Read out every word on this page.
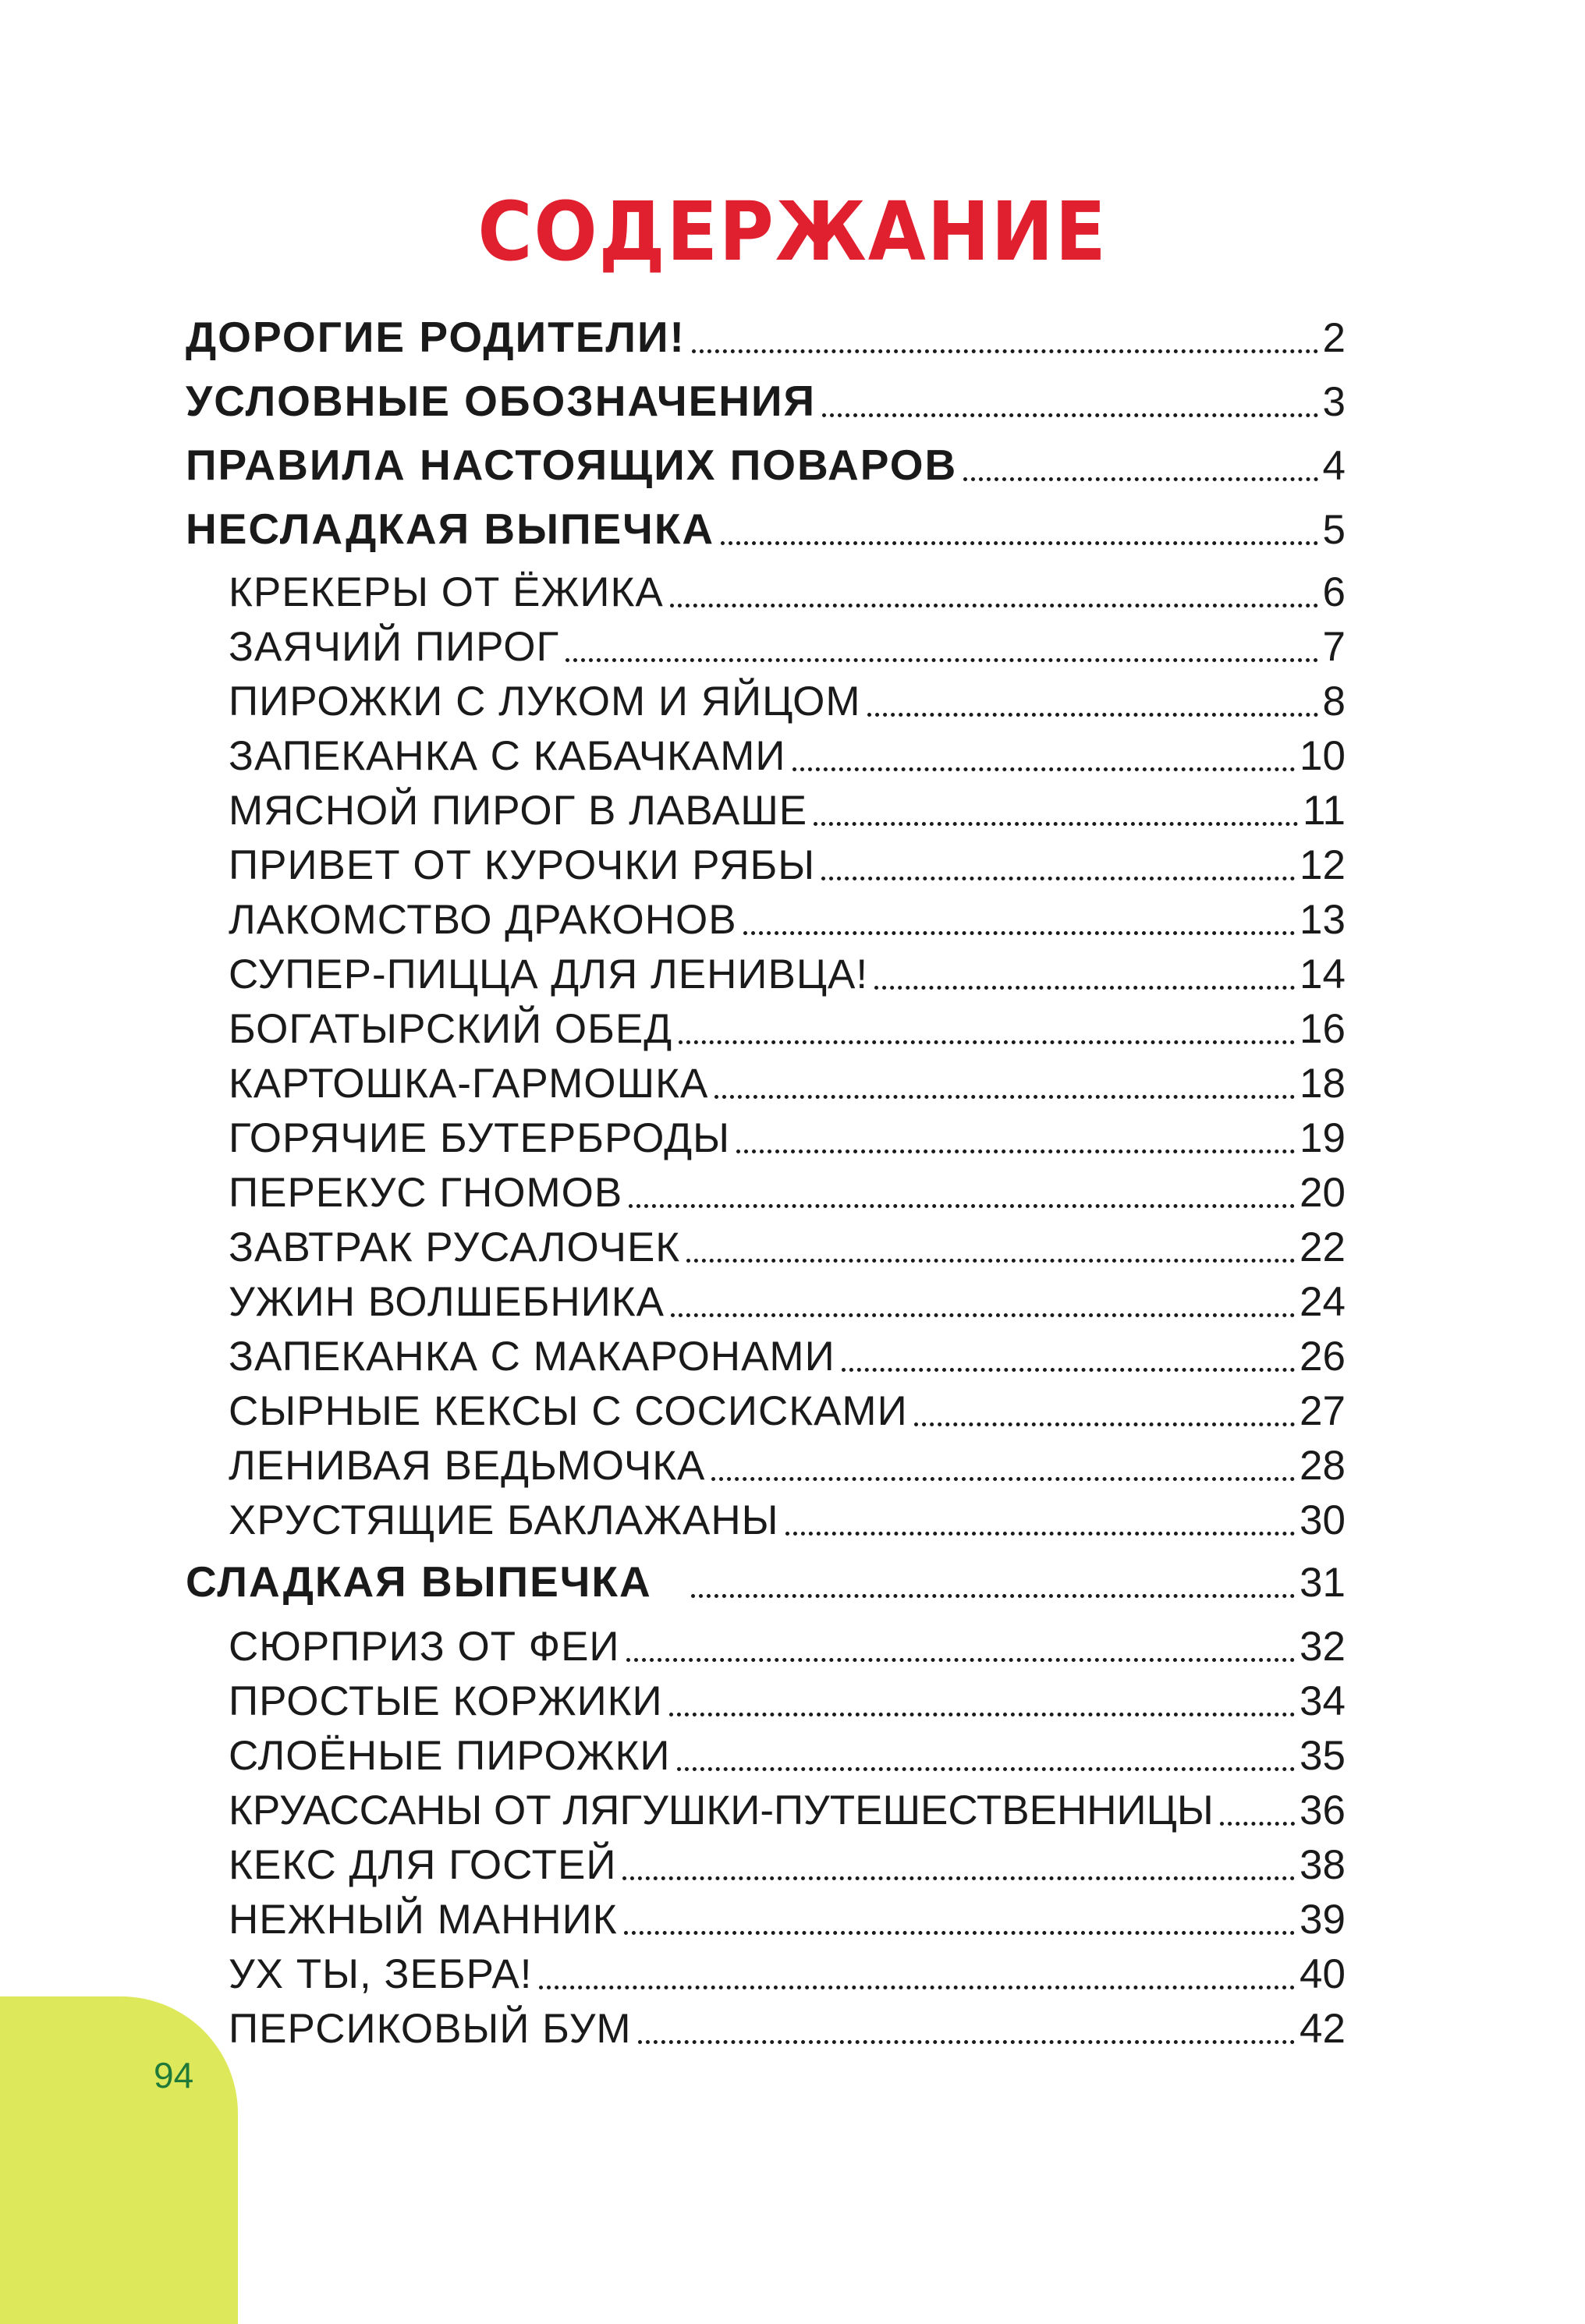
94
СОДЕРЖАНИЕ
ДОРОГИЕ РОДИТЕЛИ!	2
УСЛОВНЫЕ ОБОЗНАЧЕНИЯ	3
ПРАВИЛА НАСТОЯЩИХ ПОВАРОВ	4
НЕСЛАДКАЯ ВЫПЕЧКА	5
КРЕКЕРЫ ОТ ЁЖИКА	6
ЗАЯЧИЙ ПИРОГ	7
ПИРОЖКИ С ЛУКОМ И ЯЙЦОМ	8
ЗАПЕКАНКА С КАБАЧКАМИ	10
МЯСНОЙ ПИРОГ В ЛАВАШЕ	11
ПРИВЕТ ОТ КУРОЧКИ РЯБЫ	12
ЛАКОМСТВО ДРАКОНОВ	13
СУПЕР-ПИЦЦА ДЛЯ ЛЕНИВЦА!	14
БОГАТЫРСКИЙ ОБЕД	16
КАРТОШКА-ГАРМОШКА	18
ГОРЯЧИЕ БУТЕРБРОДЫ	19
ПЕРЕКУС ГНОМОВ	20
ЗАВТРАК РУСАЛОЧЕК	22
УЖИН ВОЛШЕБНИКА	24
ЗАПЕКАНКА С МАКАРОНАМИ	26
СЫРНЫЕ КЕКСЫ С СОСИСКАМИ	27
ЛЕНИВАЯ ВЕДЬМОЧКА	28
ХРУСТЯЩИЕ БАКЛАЖАНЫ	30
СЛАДКАЯ ВЫПЕЧКА	31
СЮРПРИЗ ОТ ФЕИ	32
ПРОСТЫЕ КОРЖИКИ	34
СЛОЁНЫЕ ПИРОЖКИ	35
КРУАССАНЫ ОТ ЛЯГУШКИ-ПУТЕШЕСТВЕННИЦЫ 36
КЕКС ДЛЯ ГОСТЕЙ	38
НЕЖНЫЙ МАННИК	39
УХ ТЫ, ЗЕБРА!	40
ПЕРСИКОВЫЙ БУМ	42
